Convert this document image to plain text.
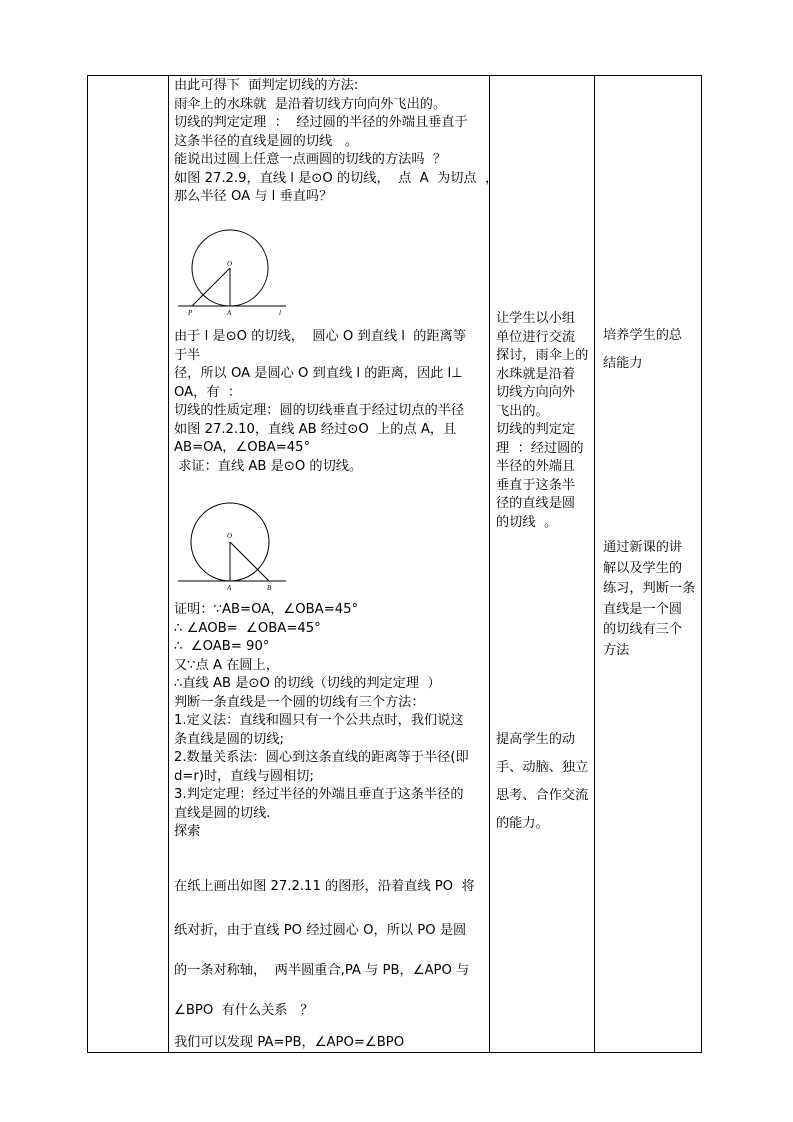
由此可得下  面判定切线的方法:

雨伞上的水珠就  是沿着切线方向向外飞出的。

切线的判定定理  ：  经过圆的半径的外端且垂直于

这条半径的直线是圆的切线   。

能说出过圆上任意一点画圆的切线的方法吗  ？

如图 27.2.9，直线 l 是⊙O 的切线，  点  A  为切点  ，

那么半径 OA 与 l 垂直吗？

O
P	A	l

由于 l 是⊙O 的切线，  圆心 O 到直线 l  的距离等

于半

径，所以 OA 是圆心 O 到直线 l 的距离，因此 l⊥

OA，有  ：

切线的性质定理：圆的切线垂直于经过切点的半径

如图 27.2.10，直线 AB 经过⊙O  上的点 A，且

AB=OA，∠OBA=45°

求证：直线 AB 是⊙O 的切线。

O
A	B

证明：∵AB=OA，∠OBA=45°

∴ ∠AOB=  ∠OBA=45°

∴  ∠OAB= 90°

又∵点 A 在圆上，

∴直线 AB 是⊙O 的切线（切线的判定定理  ）

判断一条直线是一个圆的切线有三个方法：

1.定义法：直线和圆只有一个公共点时，我们说这

条直线是圆的切线;

2.数量关系法：圆心到这条直线的距离等于半径(即

d=r)时，直线与圆相切;

3.判定定理：经过半径的外端且垂直于这条半径的

直线是圆的切线.

探索

在纸上画出如图 27.2.11 的图形，沿着直线 PO  将

纸对折，由于直线 PO 经过圆心 O，所以 PO 是圆

的一条对称轴，  两半圆重合,PA 与 PB，∠APO 与

∠BPO  有什么关系   ？

我们可以发现 PA=PB，∠APO=∠BPO

让学生以小组

单位进行交流

探讨，雨伞上的

水珠就是沿着

切线方向向外

飞出的。

切线的判定定

理  ：经过圆的

半径的外端且

垂直于这条半

径的直线是圆

的切线  。

提高学生的动

手、动脑、独立

思考、合作交流

的能力。

培养学生的总

结能力

通过新课的讲

解以及学生的

练习，判断一条

直线是一个圆

的切线有三个

方法
